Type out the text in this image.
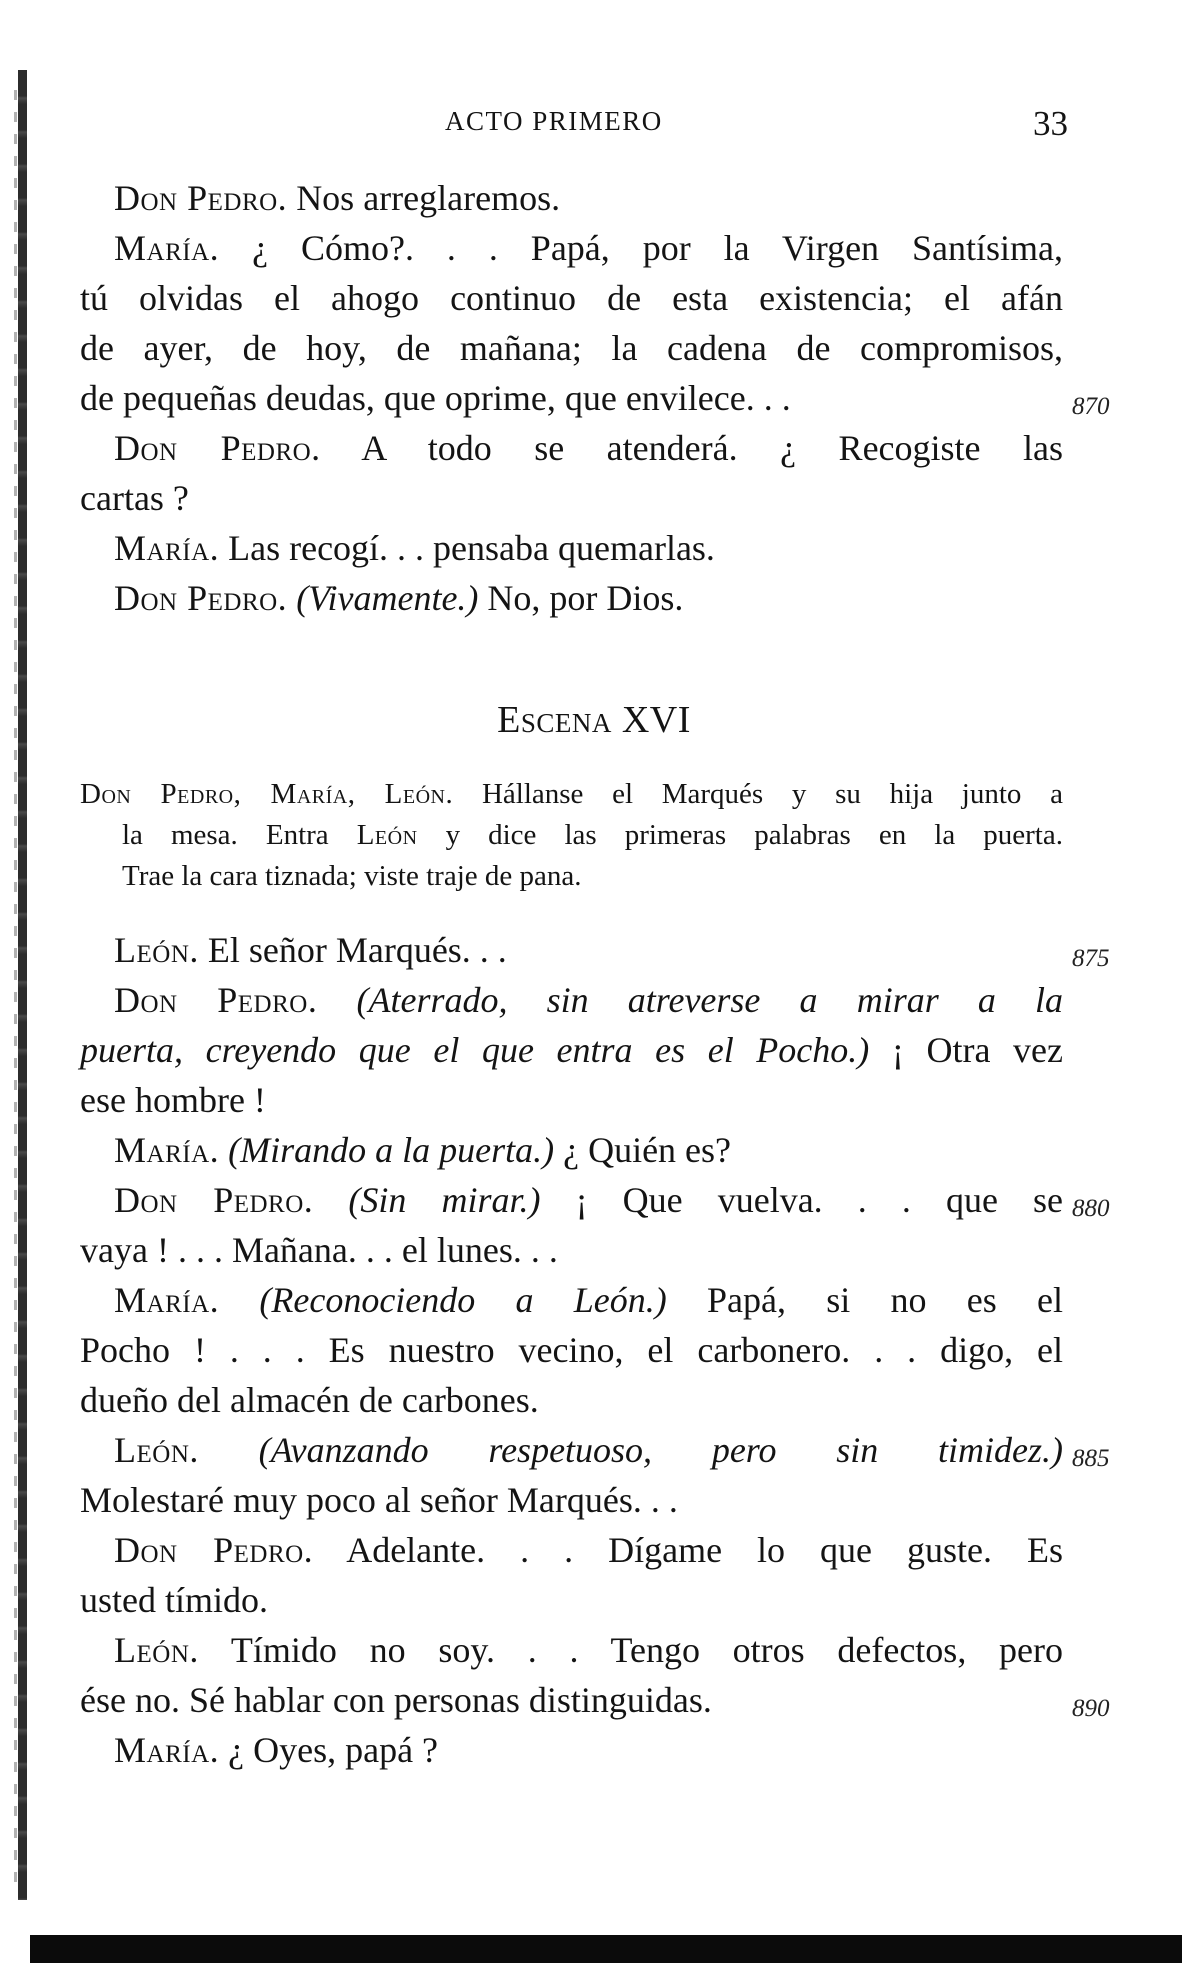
ACTO PRIMERO	33
Don Pedro. Nos arreglaremos.
María. ¿ Cómo?. . . Papá, por la Virgen Santísima,
tú olvidas el ahogo continuo de esta existencia; el afán
de ayer, de hoy, de mañana; la cadena de compromisos,
de pequeñas deudas, que oprime, que envilece. . .
Don Pedro. A todo se atenderá. ¿ Recogiste las
cartas ?
María. Las recogí. . . pensaba quemarlas.
Don Pedro. (Vivamente.) No, por Dios.
Escena XVI
Don Pedro, María, León. Hállanse el Marqués y su hija junto a
la mesa. Entra León y dice las primeras palabras en la puerta.
Trae la cara tiznada; viste traje de pana.
León. El señor Marqués. . .
Don Pedro. (Aterrado, sin atreverse a mirar a la
puerta, creyendo que el que entra es el Pocho.) ¡ Otra vez
ese hombre !
María. (Mirando a la puerta.) ¿ Quién es?
Don Pedro. (Sin mirar.) ¡ Que vuelva. . . que se
vaya ! . . . Mañana. . . el lunes. . .
María. (Reconociendo a León.) Papá, si no es el
Pocho ! . . . Es nuestro vecino, el carbonero. . . digo, el
dueño del almacén de carbones.
León. (Avanzando respetuoso, pero sin timidez.)
Molestaré muy poco al señor Marqués. . .
Don Pedro. Adelante. . . Dígame lo que guste. Es
usted tímido.
León. Tímido no soy. . . Tengo otros defectos, pero
ése no. Sé hablar con personas distinguidas.
María. ¿ Oyes, papá ?
870
875
880
885
890
